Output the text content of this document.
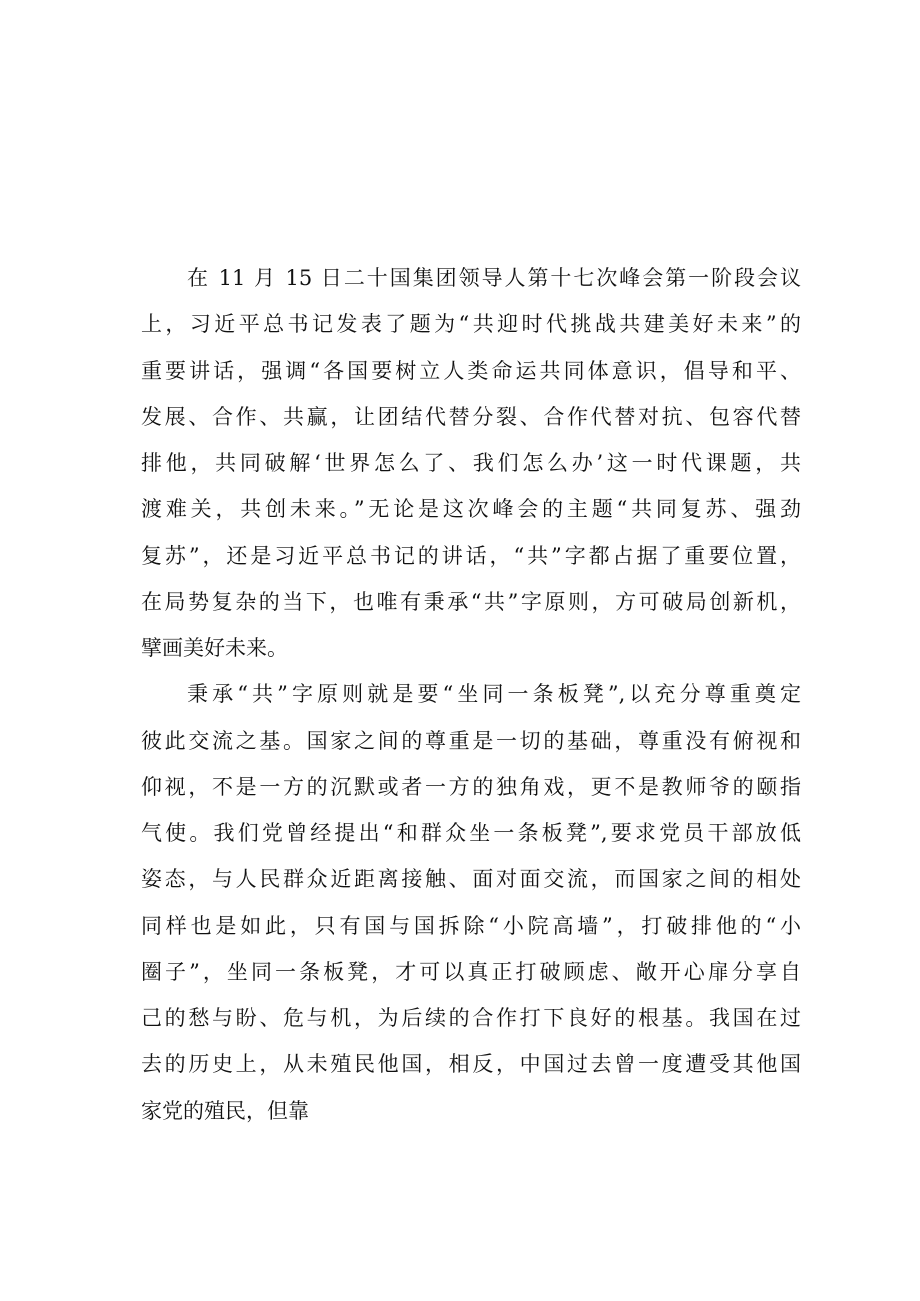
在 11 月 15 日二十国集团领导人第十七次峰会第一阶段会议
上，习近平总书记发表了题为“共迎时代挑战共建美好未来”的
重要讲话，强调“各国要树立人类命运共同体意识，倡导和平、
发展、合作、共赢，让团结代替分裂、合作代替对抗、包容代替
排他，共同破解‘世界怎么了、我们怎么办’这一时代课题，共
渡难关，共创未来。”无论是这次峰会的主题“共同复苏、强劲
复苏”，还是习近平总书记的讲话，“共”字都占据了重要位置，
在局势复杂的当下，也唯有秉承“共”字原则，方可破局创新机，
擘画美好未来。
秉承“共”字原则就是要“坐同一条板凳”,以充分尊重奠定
彼此交流之基。国家之间的尊重是一切的基础，尊重没有俯视和
仰视，不是一方的沉默或者一方的独角戏，更不是教师爷的颐指
气使。我们党曾经提出“和群众坐一条板凳”,要求党员干部放低
姿态，与人民群众近距离接触、面对面交流，而国家之间的相处
同样也是如此，只有国与国拆除“小院高墙”，打破排他的“小
圈子”，坐同一条板凳，才可以真正打破顾虑、敞开心扉分享自
己的愁与盼、危与机，为后续的合作打下良好的根基。我国在过
去的历史上，从未殖民他国，相反，中国过去曾一度遭受其他国
家党的殖民，但靠
